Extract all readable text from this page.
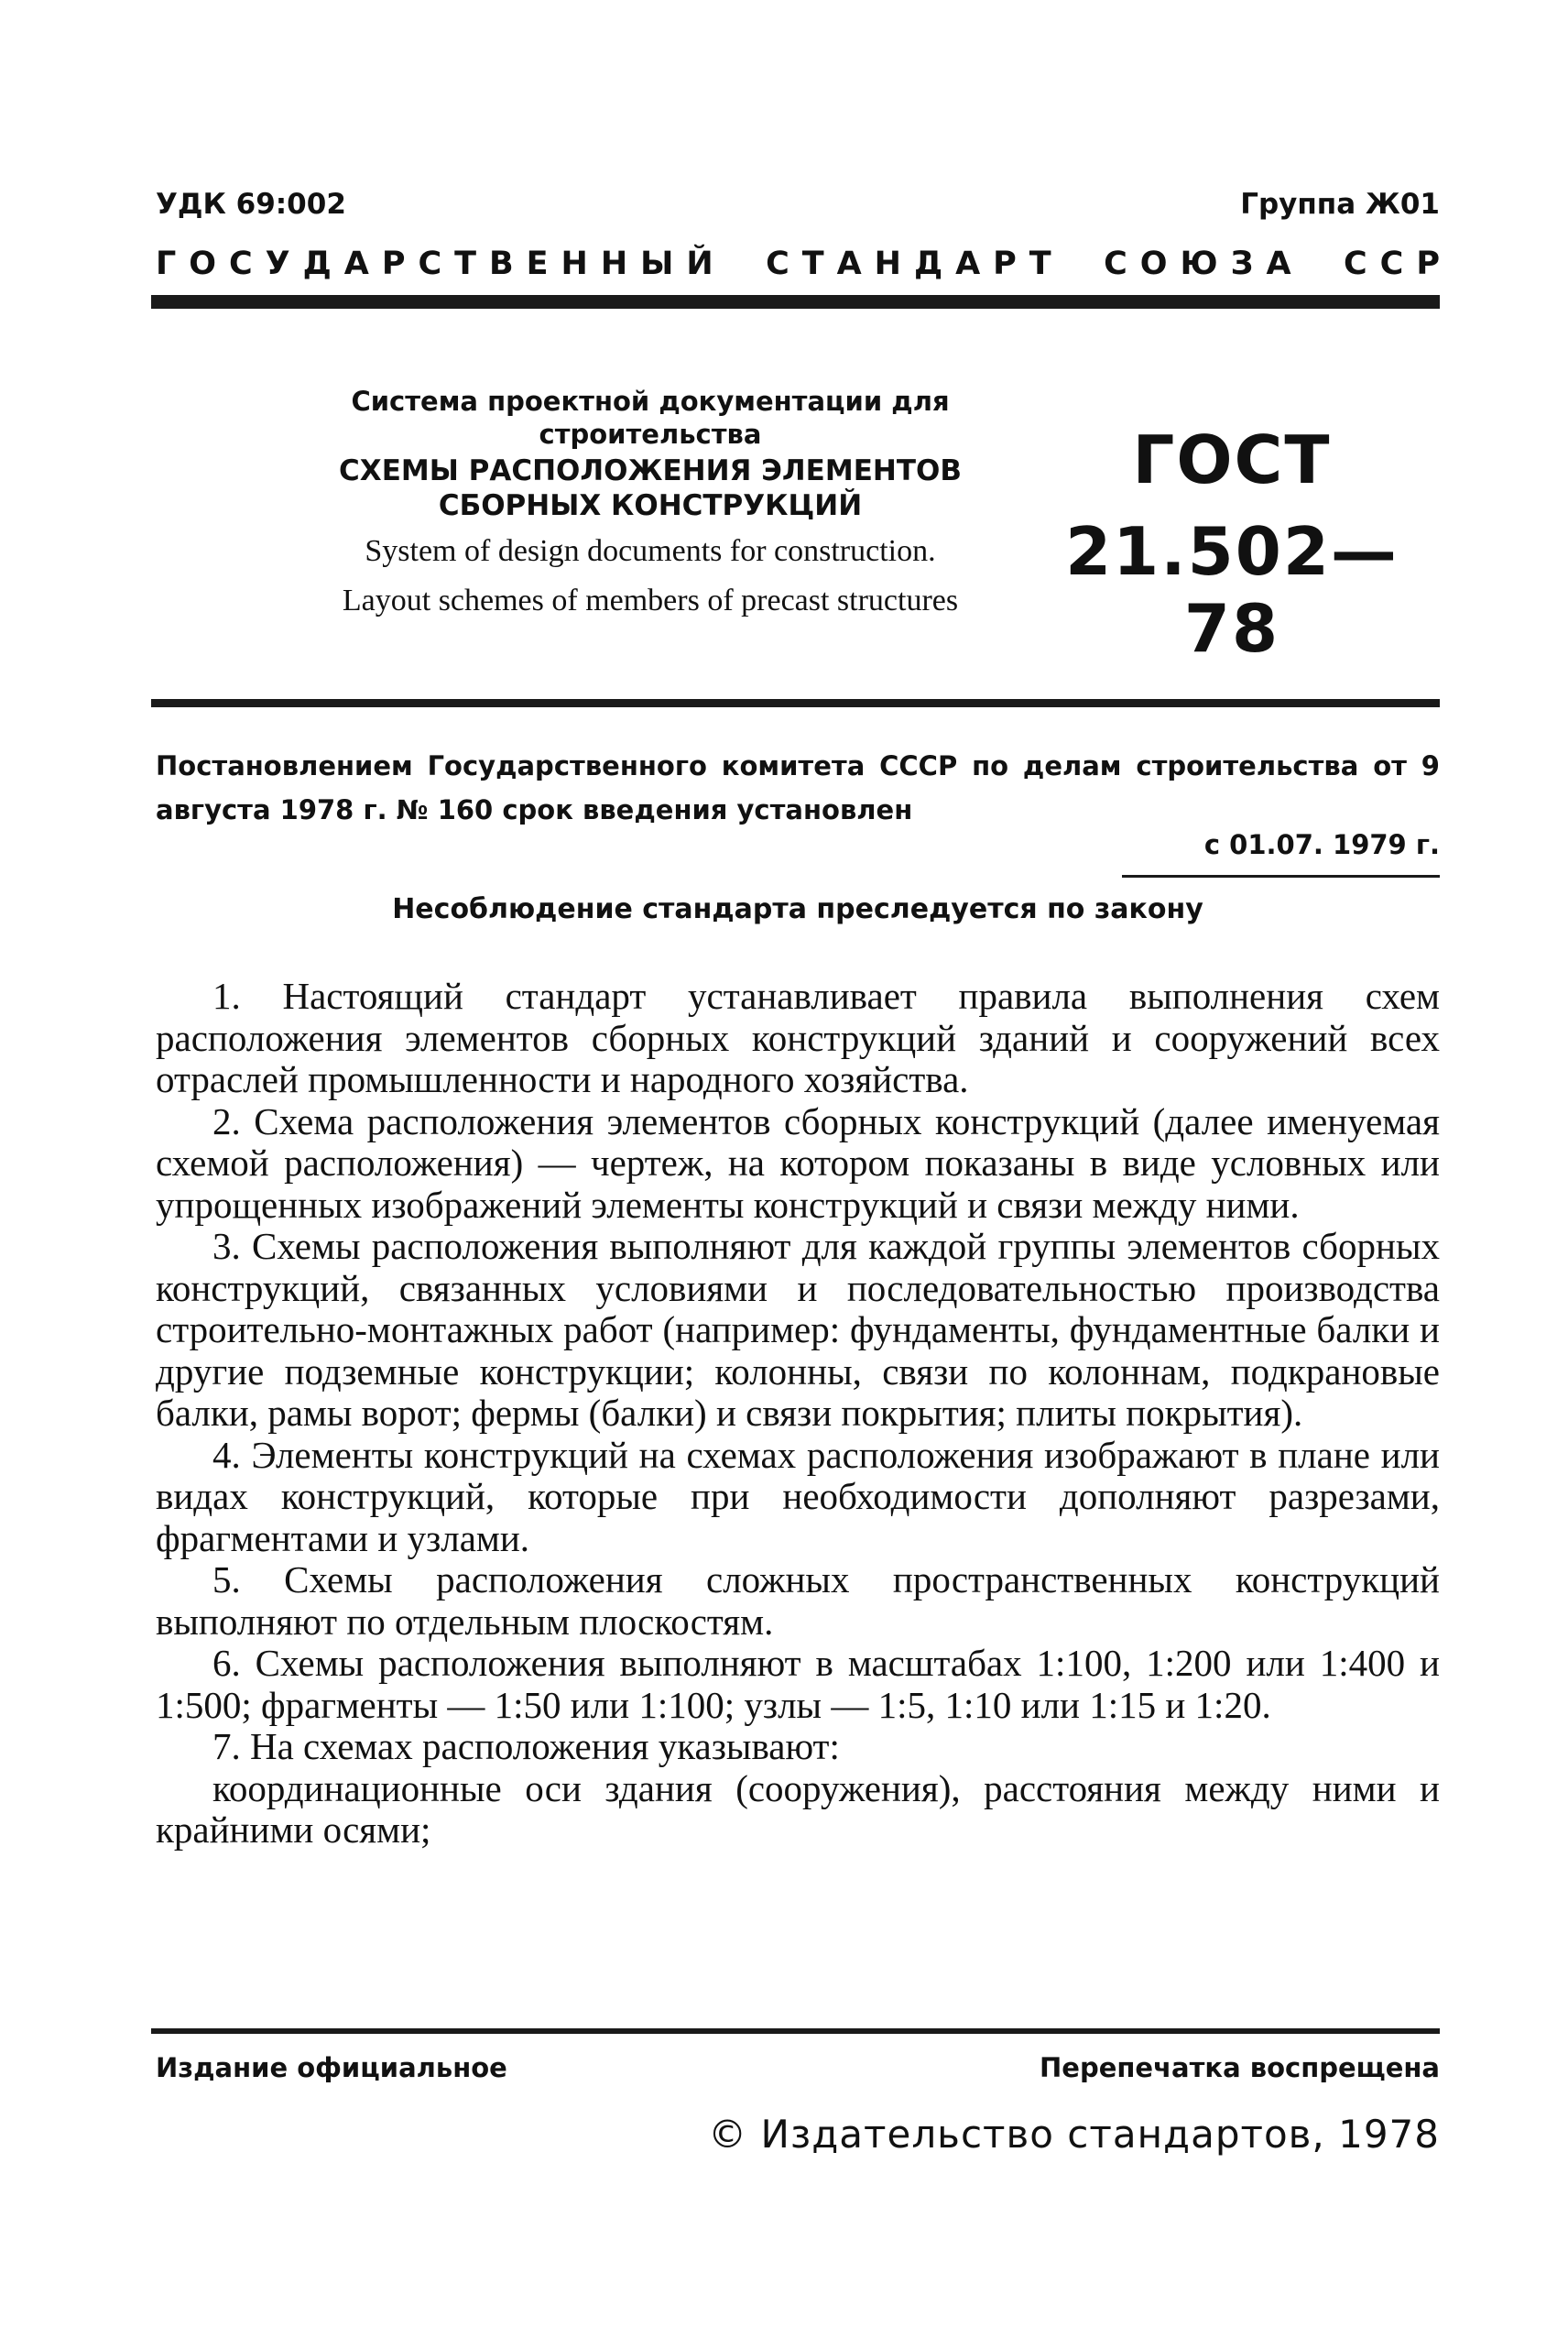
УДК 69:002	Группа Ж01
Г  О  С  У  Д  А  Р  С  Т  В  Е  Н  Н  Ы  Й С  Т  А  Н  Д  А  Р  Т С  О  Ю  З  А С  С  Р
Система проектной документации для строительства
СХЕМЫ РАСПОЛОЖЕНИЯ ЭЛЕМЕНТОВ СБОРНЫХ КОНСТРУКЦИЙ
System of design documents for construction.
Layout schemes of members of precast structures
ГОСТ
21.502—78
Постановлением Государственного комитета СССР по делам строительства от 9 августа 1978 г. № 160 срок введения установлен
с 01.07. 1979 г.
Несоблюдение стандарта преследуется по закону

1. Настоящий стандарт устанавливает правила выполнения схем расположения элементов сборных конструкций зданий и сооружений всех отраслей промышленности и народного хозяйства.

2. Схема расположения элементов сборных конструкций (далее именуемая схемой расположения) — чертеж, на котором показаны в виде условных или упрощенных изображений элементы конструкций и связи между ними.

3. Схемы расположения выполняют для каждой группы элементов сборных конструкций, связанных условиями и последовательностью производства строительно-монтажных работ (например: фундаменты, фундаментные балки и другие подземные конструкции; колонны, связи по колоннам, подкрановые балки, рамы ворот; фермы (балки) и связи покрытия; плиты покрытия).

4. Элементы конструкций на схемах расположения изображают в плане или видах конструкций, которые при необходимости дополняют разрезами, фрагментами и узлами.

5. Схемы расположения сложных пространственных конструкций выполняют по отдельным плоскостям.

6. Схемы расположения выполняют в масштабах 1:100, 1:200 или 1:400 и 1:500; фрагменты — 1:50 или 1:100; узлы — 1:5, 1:10 или 1:15 и 1:20.

7. На схемах расположения указывают:

координационные оси здания (сооружения), расстояния между ними и крайними осями;

Издание официальное	Перепечатка воспрещена
© Издательство стандартов, 1978
